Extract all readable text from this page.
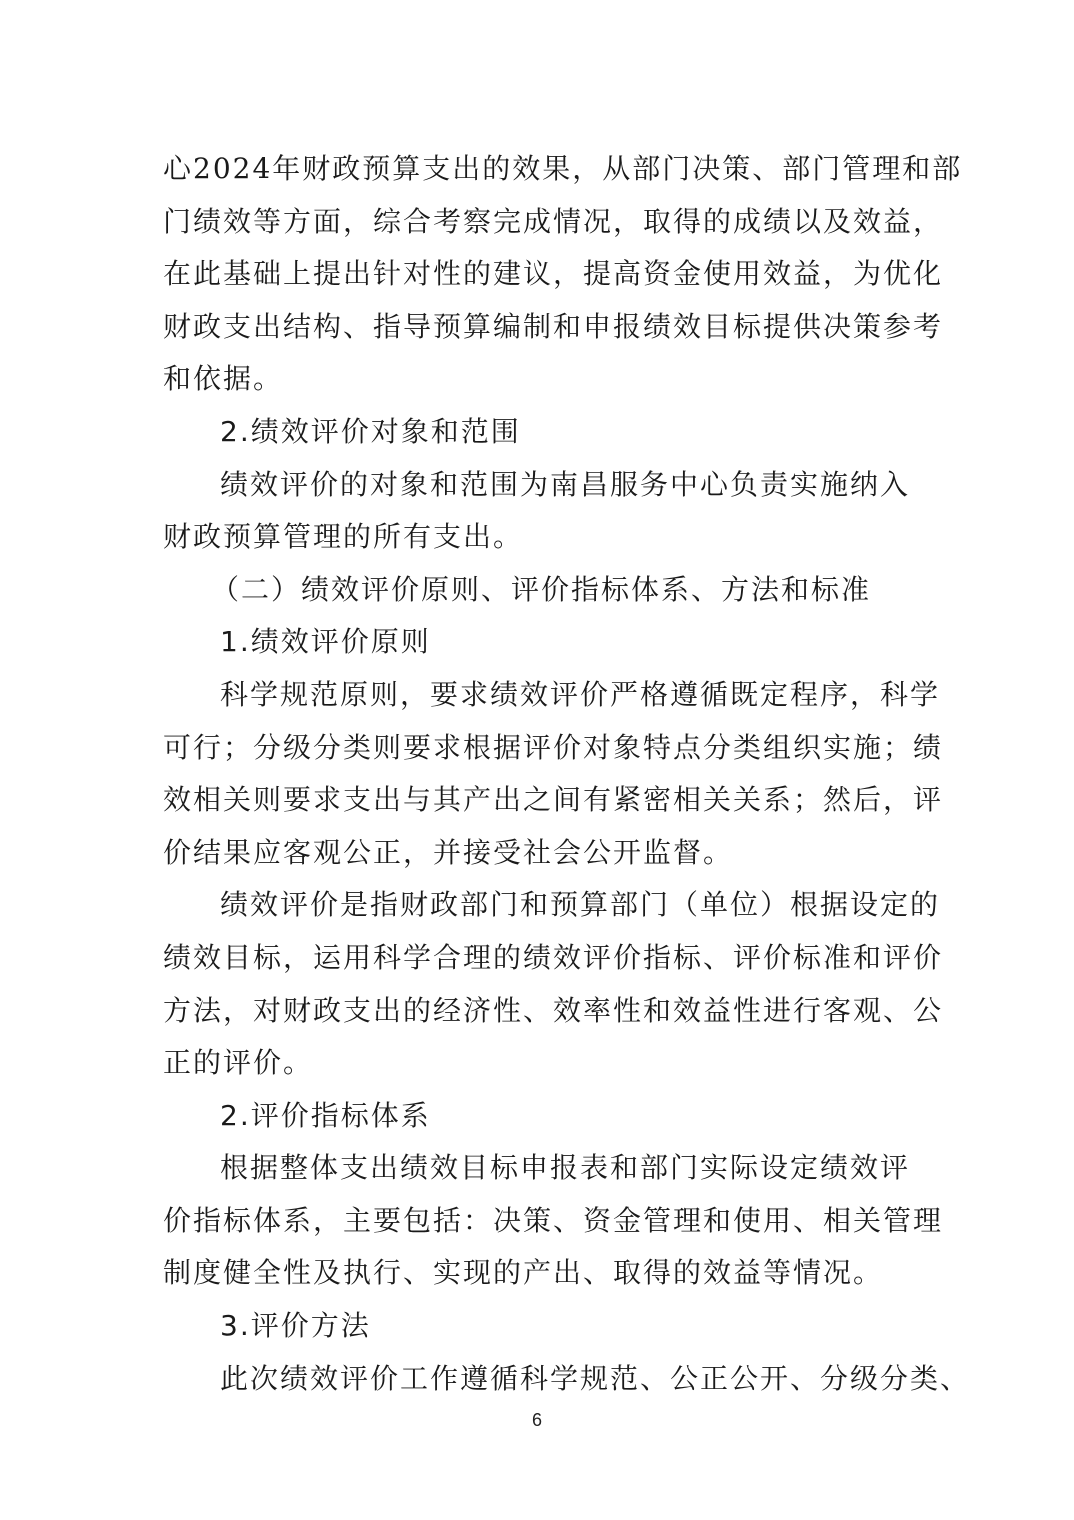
心2024年财政预算支出的效果，从部门决策、部门管理和部
门绩效等方面，综合考察完成情况，取得的成绩以及效益，
在此基础上提出针对性的建议，提高资金使用效益，为优化
财政支出结构、指导预算编制和申报绩效目标提供决策参考
和依据。
2.绩效评价对象和范围
绩效评价的对象和范围为南昌服务中心负责实施纳入
财政预算管理的所有支出。
（二）绩效评价原则、评价指标体系、方法和标准
1.绩效评价原则
科学规范原则，要求绩效评价严格遵循既定程序，科学
可行；分级分类则要求根据评价对象特点分类组织实施；绩
效相关则要求支出与其产出之间有紧密相关关系；然后，评
价结果应客观公正，并接受社会公开监督。
绩效评价是指财政部门和预算部门（单位）根据设定的
绩效目标，运用科学合理的绩效评价指标、评价标准和评价
方法，对财政支出的经济性、效率性和效益性进行客观、公
正的评价。
2.评价指标体系
根据整体支出绩效目标申报表和部门实际设定绩效评
价指标体系，主要包括：决策、资金管理和使用、相关管理
制度健全性及执行、实现的产出、取得的效益等情况。
3.评价方法
此次绩效评价工作遵循科学规范、公正公开、分级分类、
6
